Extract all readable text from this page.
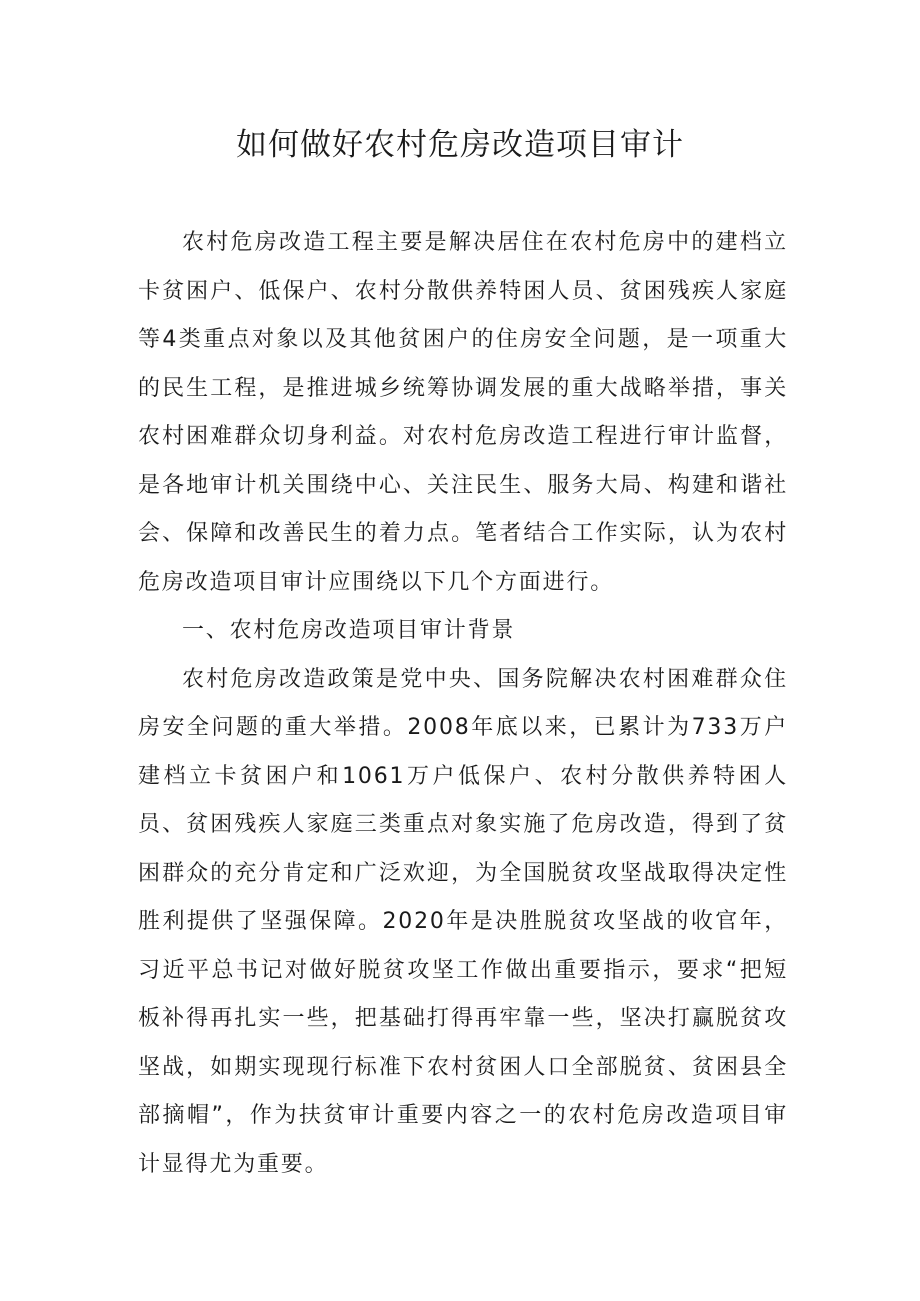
如何做好农村危房改造项目审计

农村危房改造工程主要是解决居住在农村危房中的建档立卡贫困户、低保户、农村分散供养特困人员、贫困残疾人家庭等4类重点对象以及其他贫困户的住房安全问题，是一项重大的民生工程，是推进城乡统筹协调发展的重大战略举措，事关农村困难群众切身利益。对农村危房改造工程进行审计监督，是各地审计机关围绕中心、关注民生、服务大局、构建和谐社会、保障和改善民生的着力点。笔者结合工作实际，认为农村危房改造项目审计应围绕以下几个方面进行。

一、农村危房改造项目审计背景

农村危房改造政策是党中央、国务院解决农村困难群众住房安全问题的重大举措。2008年底以来，已累计为733万户建档立卡贫困户和1061万户低保户、农村分散供养特困人员、贫困残疾人家庭三类重点对象实施了危房改造，得到了贫困群众的充分肯定和广泛欢迎，为全国脱贫攻坚战取得决定性胜利提供了坚强保障。2020年是决胜脱贫攻坚战的收官年，习近平总书记对做好脱贫攻坚工作做出重要指示，要求“把短板补得再扎实一些，把基础打得再牢靠一些，坚决打赢脱贫攻坚战，如期实现现行标准下农村贫困人口全部脱贫、贫困县全部摘帽”，作为扶贫审计重要内容之一的农村危房改造项目审计显得尤为重要。
